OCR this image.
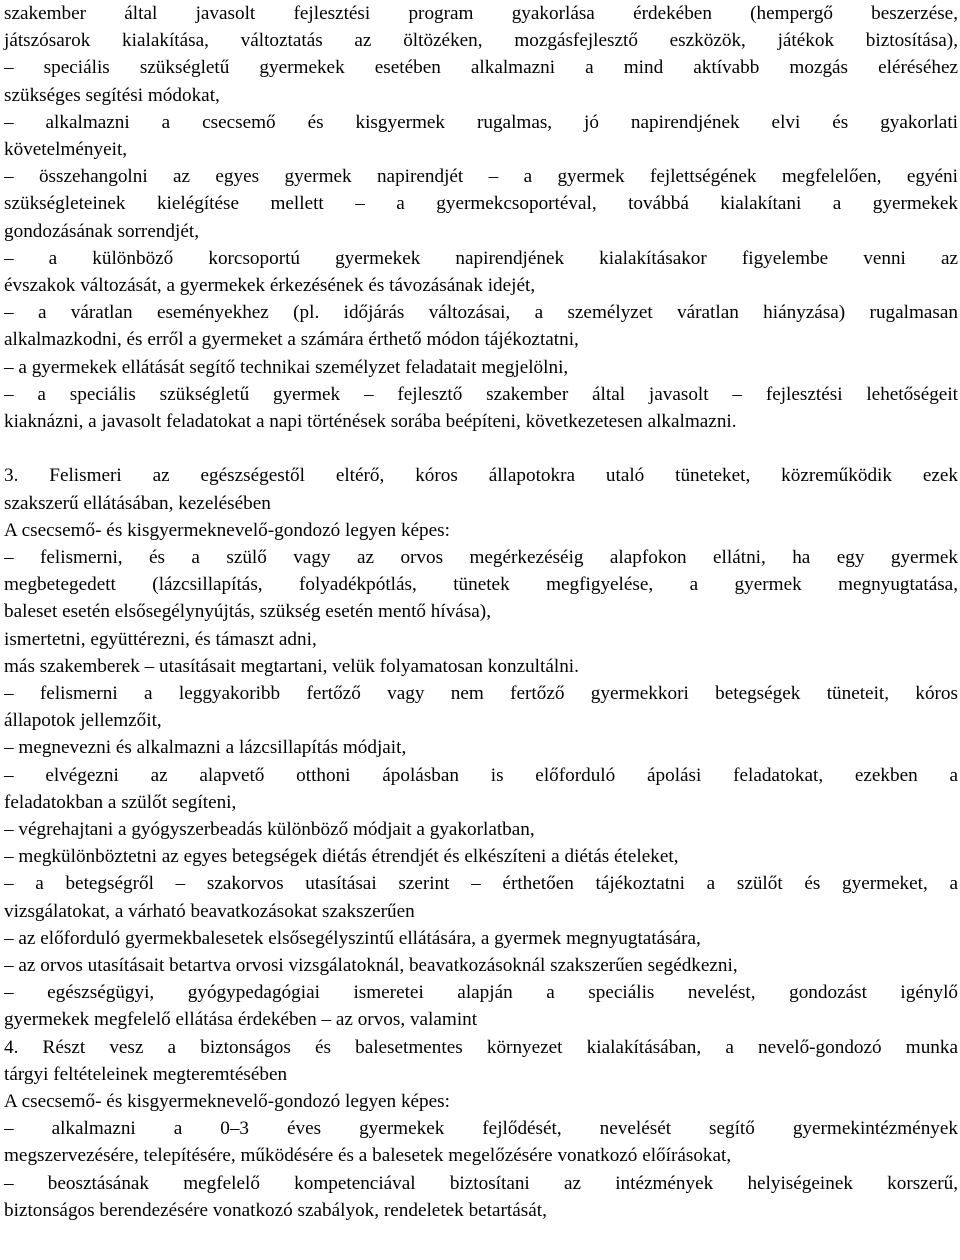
szakember által javasolt fejlesztési program gyakorlása érdekében (hempergő beszerzése,
játszósarok kialakítása, változtatás az öltözéken, mozgásfejlesztő eszközök, játékok biztosítása),
– speciális szükségletű gyermekek esetében alkalmazni a mind aktívabb mozgás eléréséhez
szükséges segítési módokat,
– alkalmazni a csecsemő és kisgyermek rugalmas, jó napirendjének elvi és gyakorlati
követelményeit,
– összehangolni az egyes gyermek napirendjét – a gyermek fejlettségének megfelelően, egyéni
szükségleteinek kielégítése mellett – a gyermekcsoportéval, továbbá kialakítani a gyermekek
gondozásának sorrendjét,
– a különböző korcsoportú gyermekek napirendjének kialakításakor figyelembe venni az
évszakok változását, a gyermekek érkezésének és távozásának idejét,
– a váratlan eseményekhez (pl. időjárás változásai, a személyzet váratlan hiányzása) rugalmasan
alkalmazkodni, és erről a gyermeket a számára érthető módon tájékoztatni,
– a gyermekek ellátását segítő technikai személyzet feladatait megjelölni,
– a speciális szükségletű gyermek – fejlesztő szakember által javasolt – fejlesztési lehetőségeit
kiaknázni, a javasolt feladatokat a napi történések sorába beépíteni, következetesen alkalmazni.
3. Felismeri az egészségestől eltérő, kóros állapotokra utaló tüneteket, közreműködik ezek
szakszerű ellátásában, kezelésében
A csecsemő- és kisgyermeknevelő-gondozó legyen képes:
– felismerni, és a szülő vagy az orvos megérkezéséig alapfokon ellátni, ha egy gyermek
megbetegedett (lázcsillapítás, folyadékpótlás, tünetek megfigyelése, a gyermek megnyugtatása,
baleset esetén elsősegélynyújtás, szükség esetén mentő hívása),
ismertetni, együttérezni, és támaszt adni,
más szakemberek – utasításait megtartani, velük folyamatosan konzultálni.
– felismerni a leggyakoribb fertőző vagy nem fertőző gyermekkori betegségek tüneteit, kóros
állapotok jellemzőit,
– megnevezni és alkalmazni a lázcsillapítás módjait,
– elvégezni az alapvető otthoni ápolásban is előforduló ápolási feladatokat, ezekben a
feladatokban a szülőt segíteni,
– végrehajtani a gyógyszerbeadás különböző módjait a gyakorlatban,
– megkülönböztetni az egyes betegségek diétás étrendjét és elkészíteni a diétás ételeket,
– a betegségről – szakorvos utasításai szerint – érthetően tájékoztatni a szülőt és gyermeket, a
vizsgálatokat, a várható beavatkozásokat szakszerűen
– az előforduló gyermekbalesetek elsősegélyszintű ellátására, a gyermek megnyugtatására,
– az orvos utasításait betartva orvosi vizsgálatoknál, beavatkozásoknál szakszerűen segédkezni,
– egészségügyi, gyógypedagógiai ismeretei alapján a speciális nevelést, gondozást igénylő
gyermekek megfelelő ellátása érdekében – az orvos, valamint
4. Részt vesz a biztonságos és balesetmentes környezet kialakításában, a nevelő-gondozó munka
tárgyi feltételeinek megteremtésében
A csecsemő- és kisgyermeknevelő-gondozó legyen képes:
– alkalmazni a 0–3 éves gyermekek fejlődését, nevelését segítő gyermekintézmények
megszervezésére, telepítésére, működésére és a balesetek megelőzésére vonatkozó előírásokat,
– beosztásának megfelelő kompetenciával biztosítani az intézmények helyiségeinek korszerű,
biztonságos berendezésére vonatkozó szabályok, rendeletek betartását,
